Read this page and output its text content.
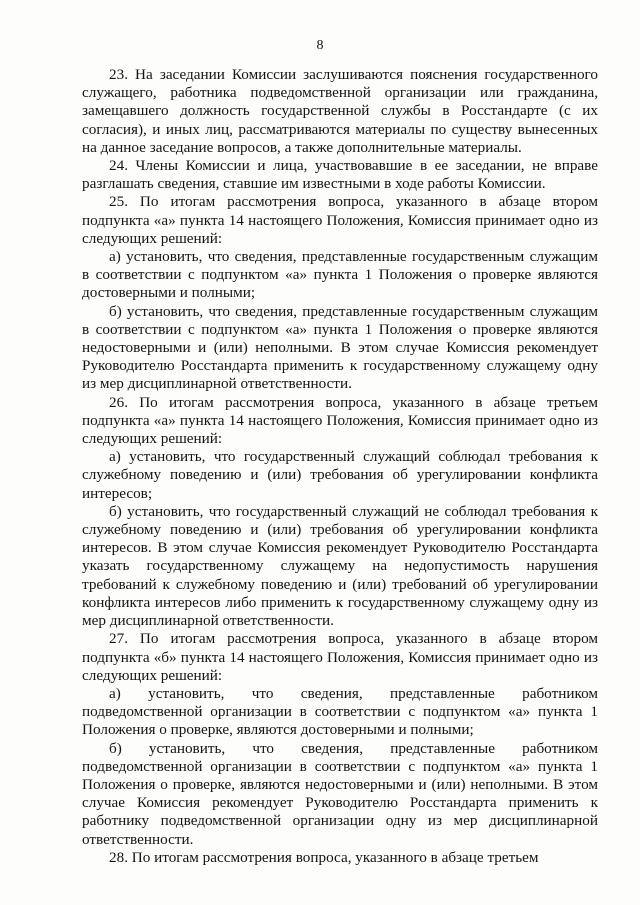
8

23. На заседании Комиссии заслушиваются пояснения государственного служащего, работника подведомственной организации или гражданина, замещавшего должность государственной службы в Росстандарте (с их согласия), и иных лиц, рассматриваются материалы по существу вынесенных на данное заседание вопросов, а также дополнительные материалы.

24. Члены Комиссии и лица, участвовавшие в ее заседании, не вправе разглашать сведения, ставшие им известными в ходе работы Комиссии.

25. По итогам рассмотрения вопроса, указанного в абзаце втором подпункта «а» пункта 14 настоящего Положения, Комиссия принимает одно из следующих решений:

а) установить, что сведения, представленные государственным служащим в соответствии с подпунктом «а» пункта 1 Положения о проверке являются достоверными и полными;

б) установить, что сведения, представленные государственным служащим в соответствии с подпунктом «а» пункта 1 Положения о проверке являются недостоверными и (или) неполными. В этом случае Комиссия рекомендует Руководителю Росстандарта применить к государственному служащему одну из мер дисциплинарной ответственности.

26. По итогам рассмотрения вопроса, указанного в абзаце третьем подпункта «а» пункта 14 настоящего Положения, Комиссия принимает одно из следующих решений:

а) установить, что государственный служащий соблюдал требования к служебному поведению и (или) требования об урегулировании конфликта интересов;

б) установить, что государственный служащий не соблюдал требования к служебному поведению и (или) требования об урегулировании конфликта интересов. В этом случае Комиссия рекомендует Руководителю Росстандарта указать государственному служащему на недопустимость нарушения требований к служебному поведению и (или) требований об урегулировании конфликта интересов либо применить к государственному служащему одну из мер дисциплинарной ответственности.

27. По итогам рассмотрения вопроса, указанного в абзаце втором подпункта «б» пункта 14 настоящего Положения, Комиссия принимает одно из следующих решений:

а) установить, что сведения, представленные работником подведомственной организации в соответствии с подпунктом «а» пункта 1 Положения о проверке, являются достоверными и полными;

б) установить, что сведения, представленные работником подведомственной организации в соответствии с подпунктом «а» пункта 1 Положения о проверке, являются недостоверными и (или) неполными. В этом случае Комиссия рекомендует Руководителю Росстандарта применить к работнику подведомственной организации одну из мер дисциплинарной ответственности.

28. По итогам рассмотрения вопроса, указанного в абзаце третьем
